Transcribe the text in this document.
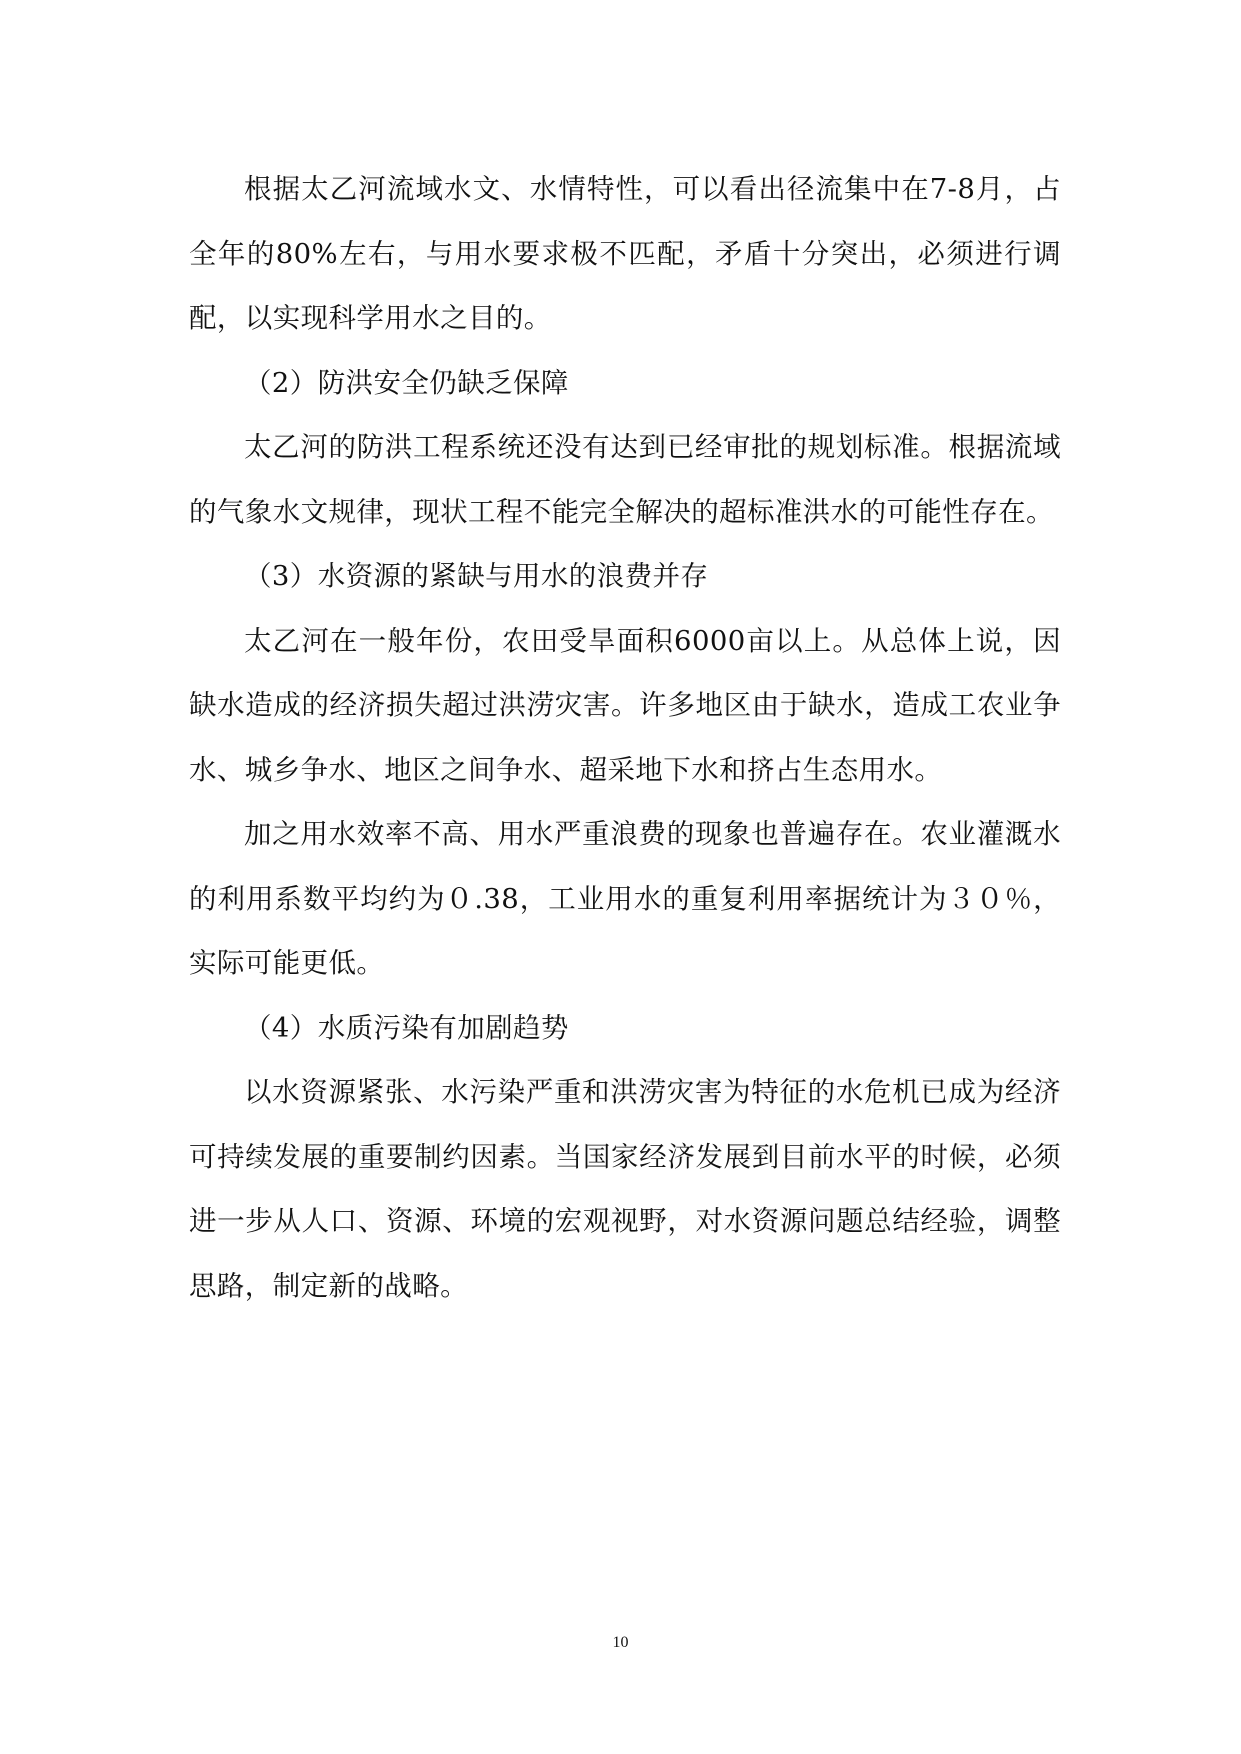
根据太乙河流域水文、水情特性，可以看出径流集中在7-8月，占全年的80%左右，与用水要求极不匹配，矛盾十分突出，必须进行调配，以实现科学用水之目的。

（2）防洪安全仍缺乏保障

太乙河的防洪工程系统还没有达到已经审批的规划标准。根据流域的气象水文规律，现状工程不能完全解决的超标准洪水的可能性存在。

（3）水资源的紧缺与用水的浪费并存

太乙河在一般年份，农田受旱面积6000亩以上。从总体上说，因缺水造成的经济损失超过洪涝灾害。许多地区由于缺水，造成工农业争水、城乡争水、地区之间争水、超采地下水和挤占生态用水。

加之用水效率不高、用水严重浪费的现象也普遍存在。农业灌溉水的利用系数平均约为０.38，工业用水的重复利用率据统计为３０％，实际可能更低。

（4）水质污染有加剧趋势

以水资源紧张、水污染严重和洪涝灾害为特征的水危机已成为经济可持续发展的重要制约因素。当国家经济发展到目前水平的时候，必须进一步从人口、资源、环境的宏观视野，对水资源问题总结经验，调整思路，制定新的战略。

10
